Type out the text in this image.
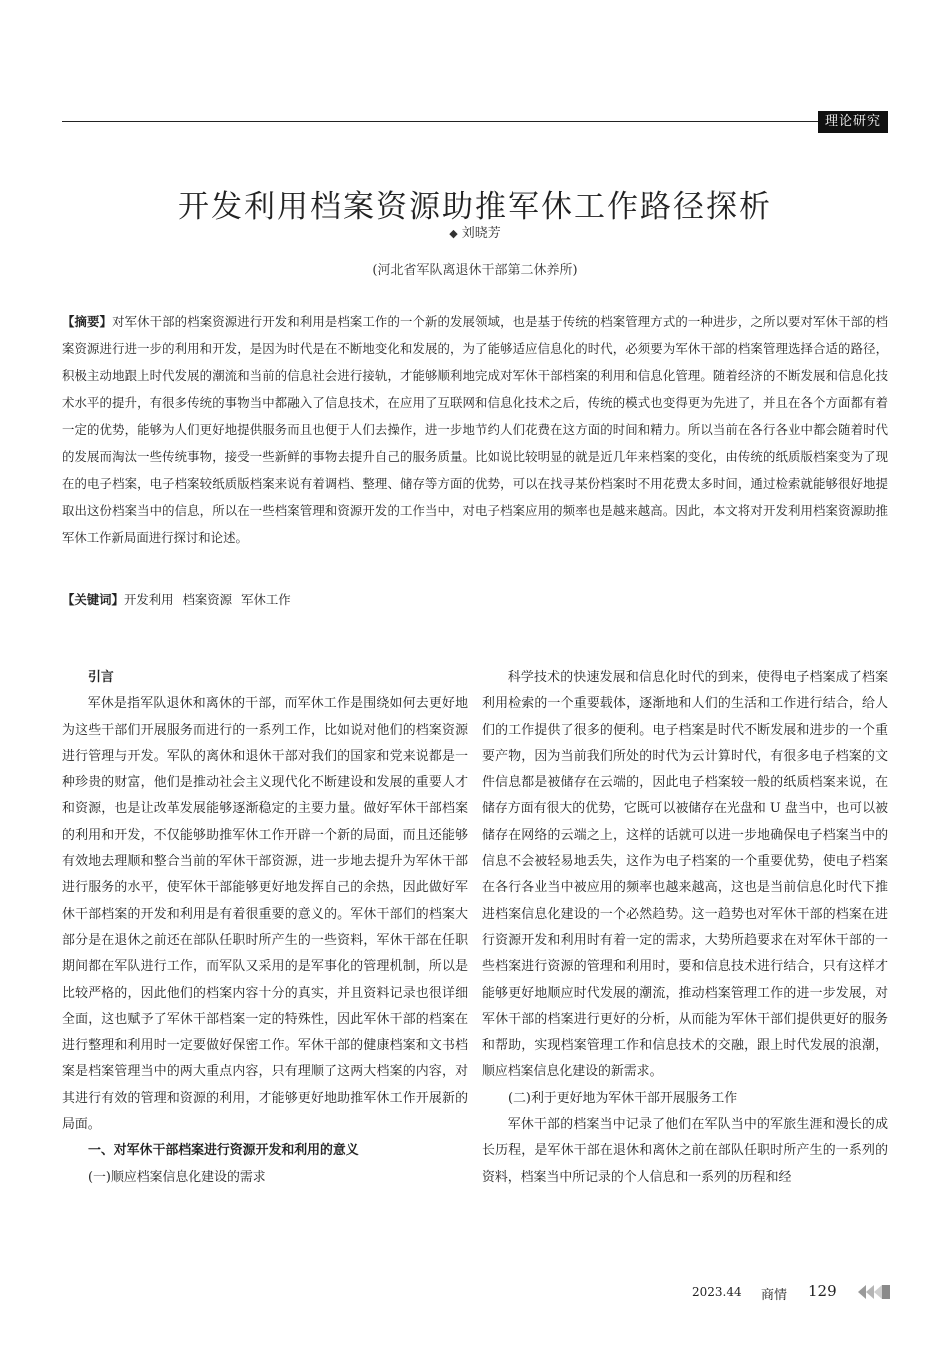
理论研究
开发利用档案资源助推军休工作路径探析
◆ 刘晓芳
(河北省军队离退休干部第二休养所)
【摘要】对军休干部的档案资源进行开发和利用是档案工作的一个新的发展领域，也是基于传统的档案管理方式的一种进步，之所以要对军休干部的档案资源进行进一步的利用和开发，是因为时代是在不断地变化和发展的，为了能够适应信息化的时代，必须要为军休干部的档案管理选择合适的路径，积极主动地跟上时代发展的潮流和当前的信息社会进行接轨，才能够顺利地完成对军休干部档案的利用和信息化管理。随着经济的不断发展和信息化技术水平的提升，有很多传统的事物当中都融入了信息技术，在应用了互联网和信息化技术之后，传统的模式也变得更为先进了，并且在各个方面都有着一定的优势，能够为人们更好地提供服务而且也便于人们去操作，进一步地节约人们花费在这方面的时间和精力。所以当前在各行各业中都会随着时代的发展而淘汰一些传统事物，接受一些新鲜的事物去提升自己的服务质量。比如说比较明显的就是近几年来档案的变化，由传统的纸质版档案变为了现在的电子档案，电子档案较纸质版档案来说有着调档、整理、储存等方面的优势，可以在找寻某份档案时不用花费太多时间，通过检索就能够很好地提取出这份档案当中的信息，所以在一些档案管理和资源开发的工作当中，对电子档案应用的频率也是越来越高。因此，本文将对开发利用档案资源助推军休工作新局面进行探讨和论述。
【关键词】开发利用 档案资源 军休工作
引言

军休是指军队退休和离休的干部，而军休工作是围绕如何去更好地为这些干部们开展服务而进行的一系列工作，比如说对他们的档案资源进行管理与开发。军队的离休和退休干部对我们的国家和党来说都是一种珍贵的财富，他们是推动社会主义现代化不断建设和发展的重要人才和资源，也是让改革发展能够逐渐稳定的主要力量。做好军休干部档案的利用和开发，不仅能够助推军休工作开辟一个新的局面，而且还能够有效地去理顺和整合当前的军休干部资源，进一步地去提升为军休干部进行服务的水平，使军休干部能够更好地发挥自己的余热，因此做好军休干部档案的开发和利用是有着很重要的意义的。军休干部们的档案大部分是在退休之前还在部队任职时所产生的一些资料，军休干部在任职期间都在军队进行工作，而军队又采用的是军事化的管理机制，所以是比较严格的，因此他们的档案内容十分的真实，并且资料记录也很详细全面，这也赋予了军休干部档案一定的特殊性，因此军休干部的档案在进行整理和利用时一定要做好保密工作。军休干部的健康档案和文书档案是档案管理当中的两大重点内容，只有理顺了这两大档案的内容，对其进行有效的管理和资源的利用，才能够更好地助推军休工作开展新的局面。

一、对军休干部档案进行资源开发和利用的意义
(一)顺应档案信息化建设的需求

科学技术的快速发展和信息化时代的到来，使得电子档案成了档案利用检索的一个重要载体，逐渐地和人们的生活和工作进行结合，给人们的工作提供了很多的便利。电子档案是时代不断发展和进步的一个重要产物，因为当前我们所处的时代为云计算时代，有很多电子档案的文件信息都是被储存在云端的，因此电子档案较一般的纸质档案来说，在储存方面有很大的优势，它既可以被储存在光盘和 U 盘当中，也可以被储存在网络的云端之上，这样的话就可以进一步地确保电子档案当中的信息不会被轻易地丢失，这作为电子档案的一个重要优势，使电子档案在各行各业当中被应用的频率也越来越高，这也是当前信息化时代下推进档案信息化建设的一个必然趋势。这一趋势也对军休干部的档案在进行资源开发和利用时有着一定的需求，大势所趋要求在对军休干部的一些档案进行资源的管理和利用时，要和信息技术进行结合，只有这样才能够更好地顺应时代发展的潮流，推动档案管理工作的进一步发展，对军休干部的档案进行更好的分析，从而能为军休干部们提供更好的服务和帮助，实现档案管理工作和信息技术的交融，跟上时代发展的浪潮，顺应档案信息化建设的新需求。

(二)利于更好地为军休干部开展服务工作

军休干部的档案当中记录了他们在军队当中的军旅生涯和漫长的成长历程，是军休干部在退休和离休之前在部队任职时所产生的一系列的资料，档案当中所记录的个人信息和一系列的历程和经

2023.44 商情 129
